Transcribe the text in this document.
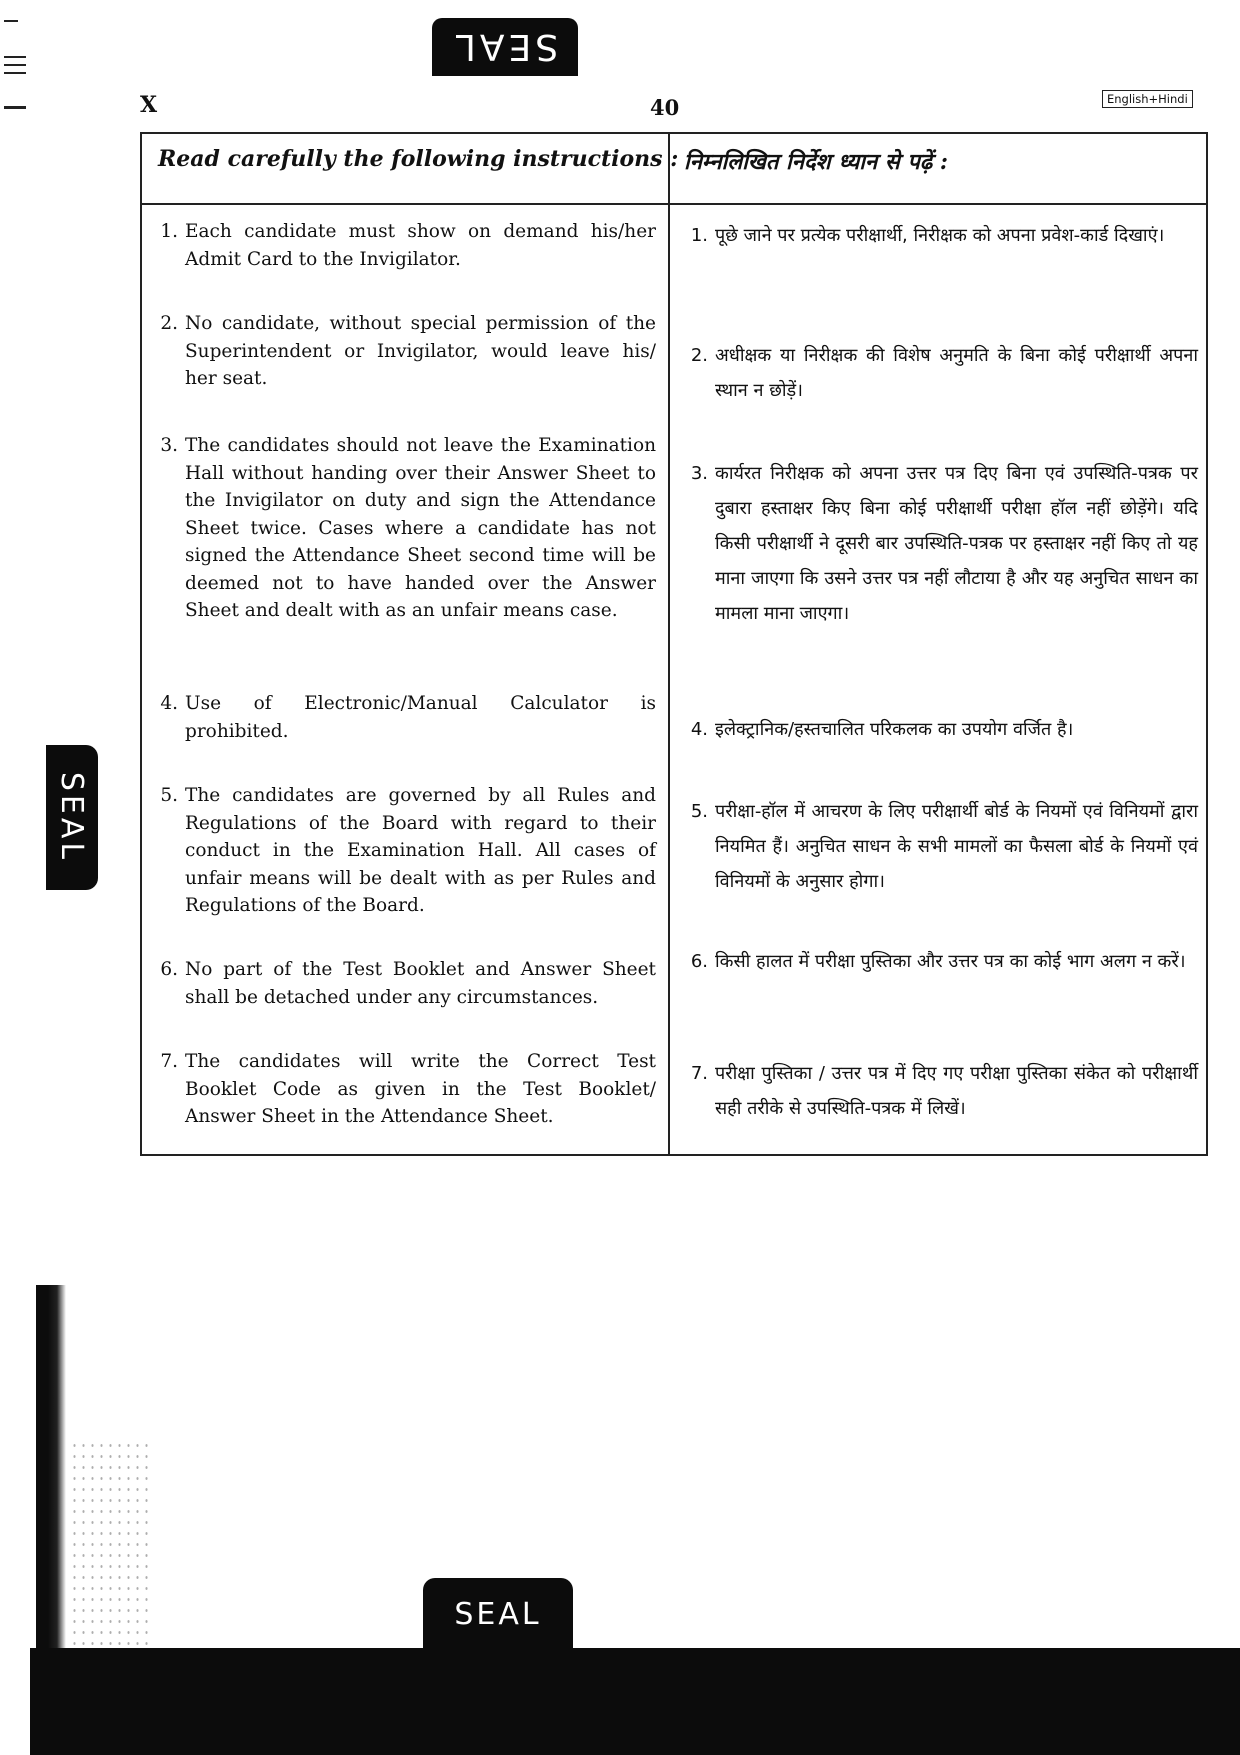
SEAL
SEAL
SEAL
X	40	English+Hindi
Read carefully the following instructions : निम्नलिखित निर्देश ध्यान से पढ़ें :
1. Each candidate must show on demand his/her Admit Card to the Invigilator.
2. No candidate, without special permission of the Superintendent or Invigilator, would leave his/ her seat.
3. The candidates should not leave the Examination Hall without handing over their Answer Sheet to the Invigilator on duty and sign the Attendance Sheet twice. Cases where a candidate has not signed the Attendance Sheet second time will be deemed not to have handed over the Answer Sheet and dealt with as an unfair means case.
4. Use of Electronic/Manual Calculator is prohibited.
5. The candidates are governed by all Rules and Regulations of the Board with regard to their conduct in the Examination Hall. All cases of unfair means will be dealt with as per Rules and Regulations of the Board.
6. No part of the Test Booklet and Answer Sheet shall be detached under any circumstances.
7. The candidates will write the Correct Test Booklet Code as given in the Test Booklet/ Answer Sheet in the Attendance Sheet.
1. पूछे जाने पर प्रत्येक परीक्षार्थी, निरीक्षक को अपना प्रवेश-कार्ड दिखाएं।
2. अधीक्षक या निरीक्षक की विशेष अनुमति के बिना कोई परीक्षार्थी अपना स्थान न छोड़ें।
3. कार्यरत निरीक्षक को अपना उत्तर पत्र दिए बिना एवं उपस्थिति-पत्रक पर दुबारा हस्ताक्षर किए बिना कोई परीक्षार्थी परीक्षा हॉल नहीं छोड़ेंगे। यदि किसी परीक्षार्थी ने दूसरी बार उपस्थिति-पत्रक पर हस्ताक्षर नहीं किए तो यह माना जाएगा कि उसने उत्तर पत्र नहीं लौटाया है और यह अनुचित साधन का मामला माना जाएगा।
4. इलेक्ट्रानिक/हस्तचालित परिकलक का उपयोग वर्जित है।
5. परीक्षा-हॉल में आचरण के लिए परीक्षार्थी बोर्ड के नियमों एवं विनियमों द्वारा नियमित हैं। अनुचित साधन के सभी मामलों का फैसला बोर्ड के नियमों एवं विनियमों के अनुसार होगा।
6. किसी हालत में परीक्षा पुस्तिका और उत्तर पत्र का कोई भाग अलग न करें।
7. परीक्षा पुस्तिका / उत्तर पत्र में दिए गए परीक्षा पुस्तिका संकेत को परीक्षार्थी सही तरीके से उपस्थिति-पत्रक में लिखें।
